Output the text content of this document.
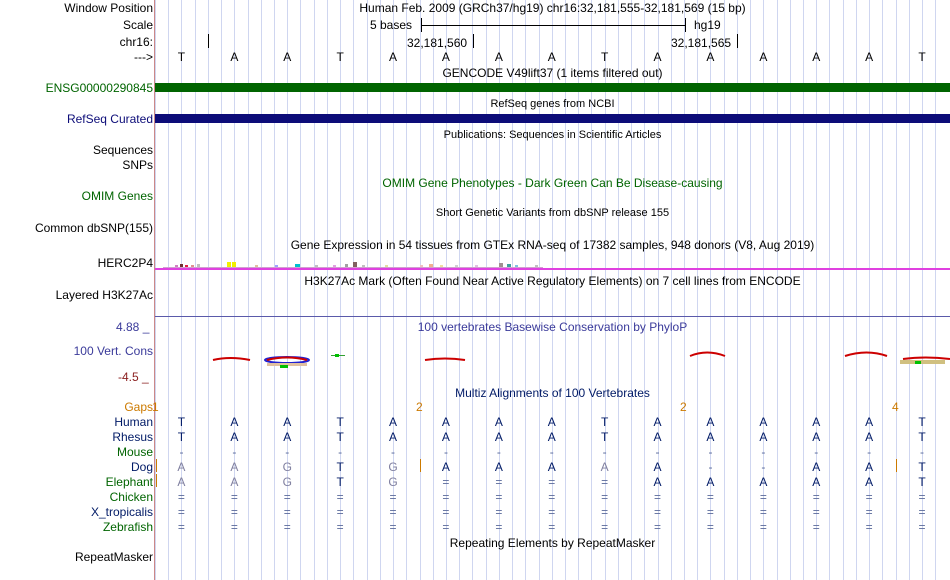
Window Position
Scale
chr16:
--->
Human Feb. 2009 (GRCh37/hg19) chr16:32,181,555-32,181,569 (15 bp)
5 bases	hg19
32,181,560	32,181,565
T	A	A	T	A	A	A	A	T	A	A	A	A	A	T
GENCODE V49lift37 (1 items filtered out)
ENSG00000290845
RefSeq genes from NCBI
RefSeq Curated
Publications: Sequences in Scientific Articles
Sequences
SNPs
OMIM Gene Phenotypes - Dark Green Can Be Disease-causing
OMIM Genes
Short Genetic Variants from dbSNP release 155
Common dbSNP(155)
Gene Expression in 54 tissues from GTEx RNA-seq of 17382 samples, 948 donors (V8, Aug 2019)
HERC2P4
H3K27Ac Mark (Often Found Near Active Regulatory Elements) on 7 cell lines from ENCODE
Layered H3K27Ac
100 vertebrates Basewise Conservation by PhyloP
4.88 _
100 Vert. Cons
-4.5 _
Multiz Alignments of 100 Vertebrates
Gaps 1	2	2	4
Human	T	A	A	T	A	A	A	A	T	A	A	A	A	A	T
Rhesus	T	A	A	T	A	A	A	A	T	A	A	A	A	A	T
Mouse	-	-	-	-	-	-	-	-	-	-	-	-	-	-	-
Dog	A	A	G	T	G	A	A	A	A	A	-	-	A	A	T
Elephant	A	A	G	T	G	=	=	=	=	A	A	A	A	A	T
Chicken	=	=	=	=	=	=	=	=	=	=	=	=	=	=	=
X_tropicalis	=	=	=	=	=	=	=	=	=	=	=	=	=	=	=
Zebrafish	=	=	=	=	=	=	=	=	=	=	=	=	=	=	=
Repeating Elements by RepeatMasker
RepeatMasker
